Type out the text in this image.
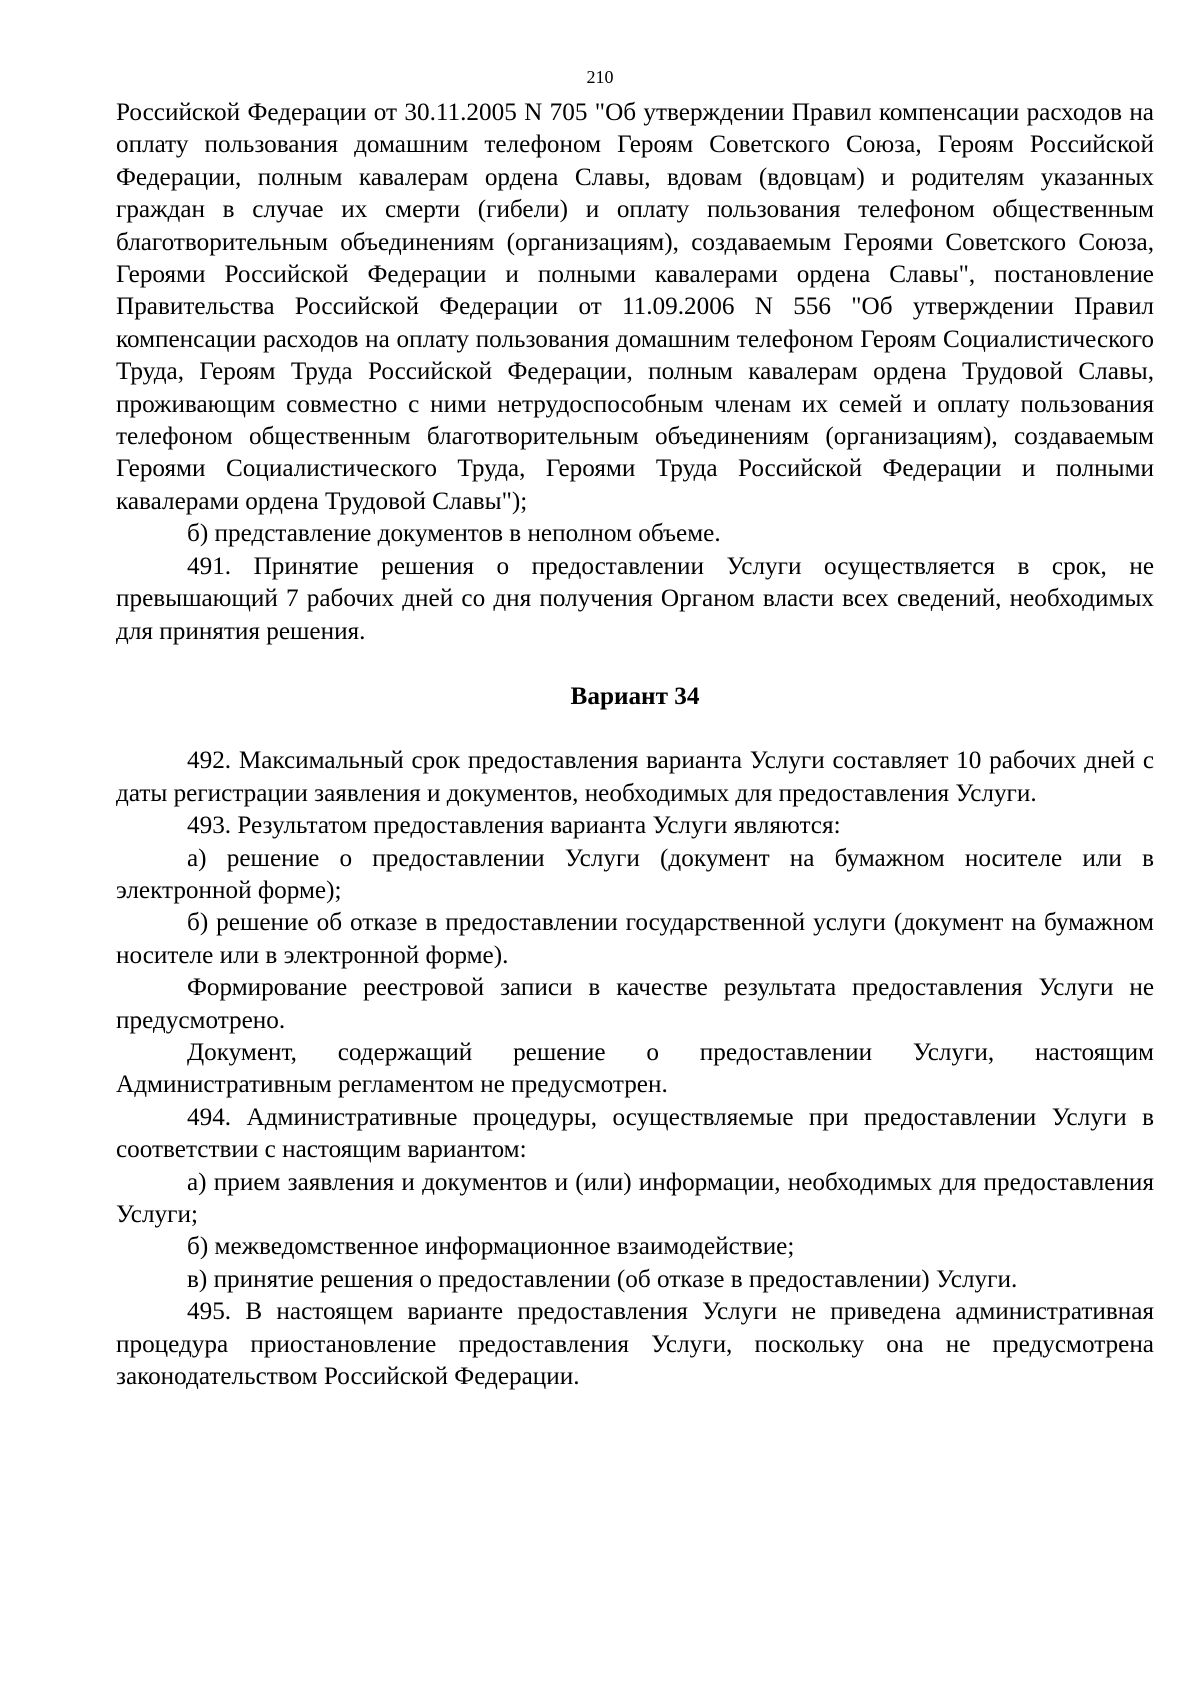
210

Российской Федерации от 30.11.2005 N 705 "Об утверждении Правил компенсации расходов на оплату пользования домашним телефоном Героям Советского Союза, Героям Российской Федерации, полным кавалерам ордена Славы, вдовам (вдовцам) и родителям указанных граждан в случае их смерти (гибели) и оплату пользования телефоном общественным благотворительным объединениям (организациям), создаваемым Героями Советского Союза, Героями Российской Федерации и полными кавалерами ордена Славы", постановление Правительства Российской Федерации от 11.09.2006 N 556 "Об утверждении Правил компенсации расходов на оплату пользования домашним телефоном Героям Социалистического Труда, Героям Труда Российской Федерации, полным кавалерам ордена Трудовой Славы, проживающим совместно с ними нетрудоспособным членам их семей и оплату пользования телефоном общественным благотворительным объединениям (организациям), создаваемым Героями Социалистического Труда, Героями Труда Российской Федерации и полными кавалерами ордена Трудовой Славы");

б) представление документов в неполном объеме.

491. Принятие решения о предоставлении Услуги осуществляется в срок, не превышающий 7 рабочих дней со дня получения Органом власти всех сведений, необходимых для принятия решения.

Вариант 34

492. Максимальный срок предоставления варианта Услуги составляет 10 рабочих дней с даты регистрации заявления и документов, необходимых для предоставления Услуги.

493. Результатом предоставления варианта Услуги являются:

а) решение о предоставлении Услуги (документ на бумажном носителе или в электронной форме);

б) решение об отказе в предоставлении государственной услуги (документ на бумажном носителе или в электронной форме).

Формирование реестровой записи в качестве результата предоставления Услуги не предусмотрено.

Документ, содержащий решение о предоставлении Услуги, настоящим Административным регламентом не предусмотрен.

494. Административные процедуры, осуществляемые при предоставлении Услуги в соответствии с настоящим вариантом:

а) прием заявления и документов и (или) информации, необходимых для предоставления Услуги;

б) межведомственное информационное взаимодействие;

в) принятие решения о предоставлении (об отказе в предоставлении) Услуги.

495. В настоящем варианте предоставления Услуги не приведена административная процедура приостановление предоставления Услуги, поскольку она не предусмотрена законодательством Российской Федерации.
